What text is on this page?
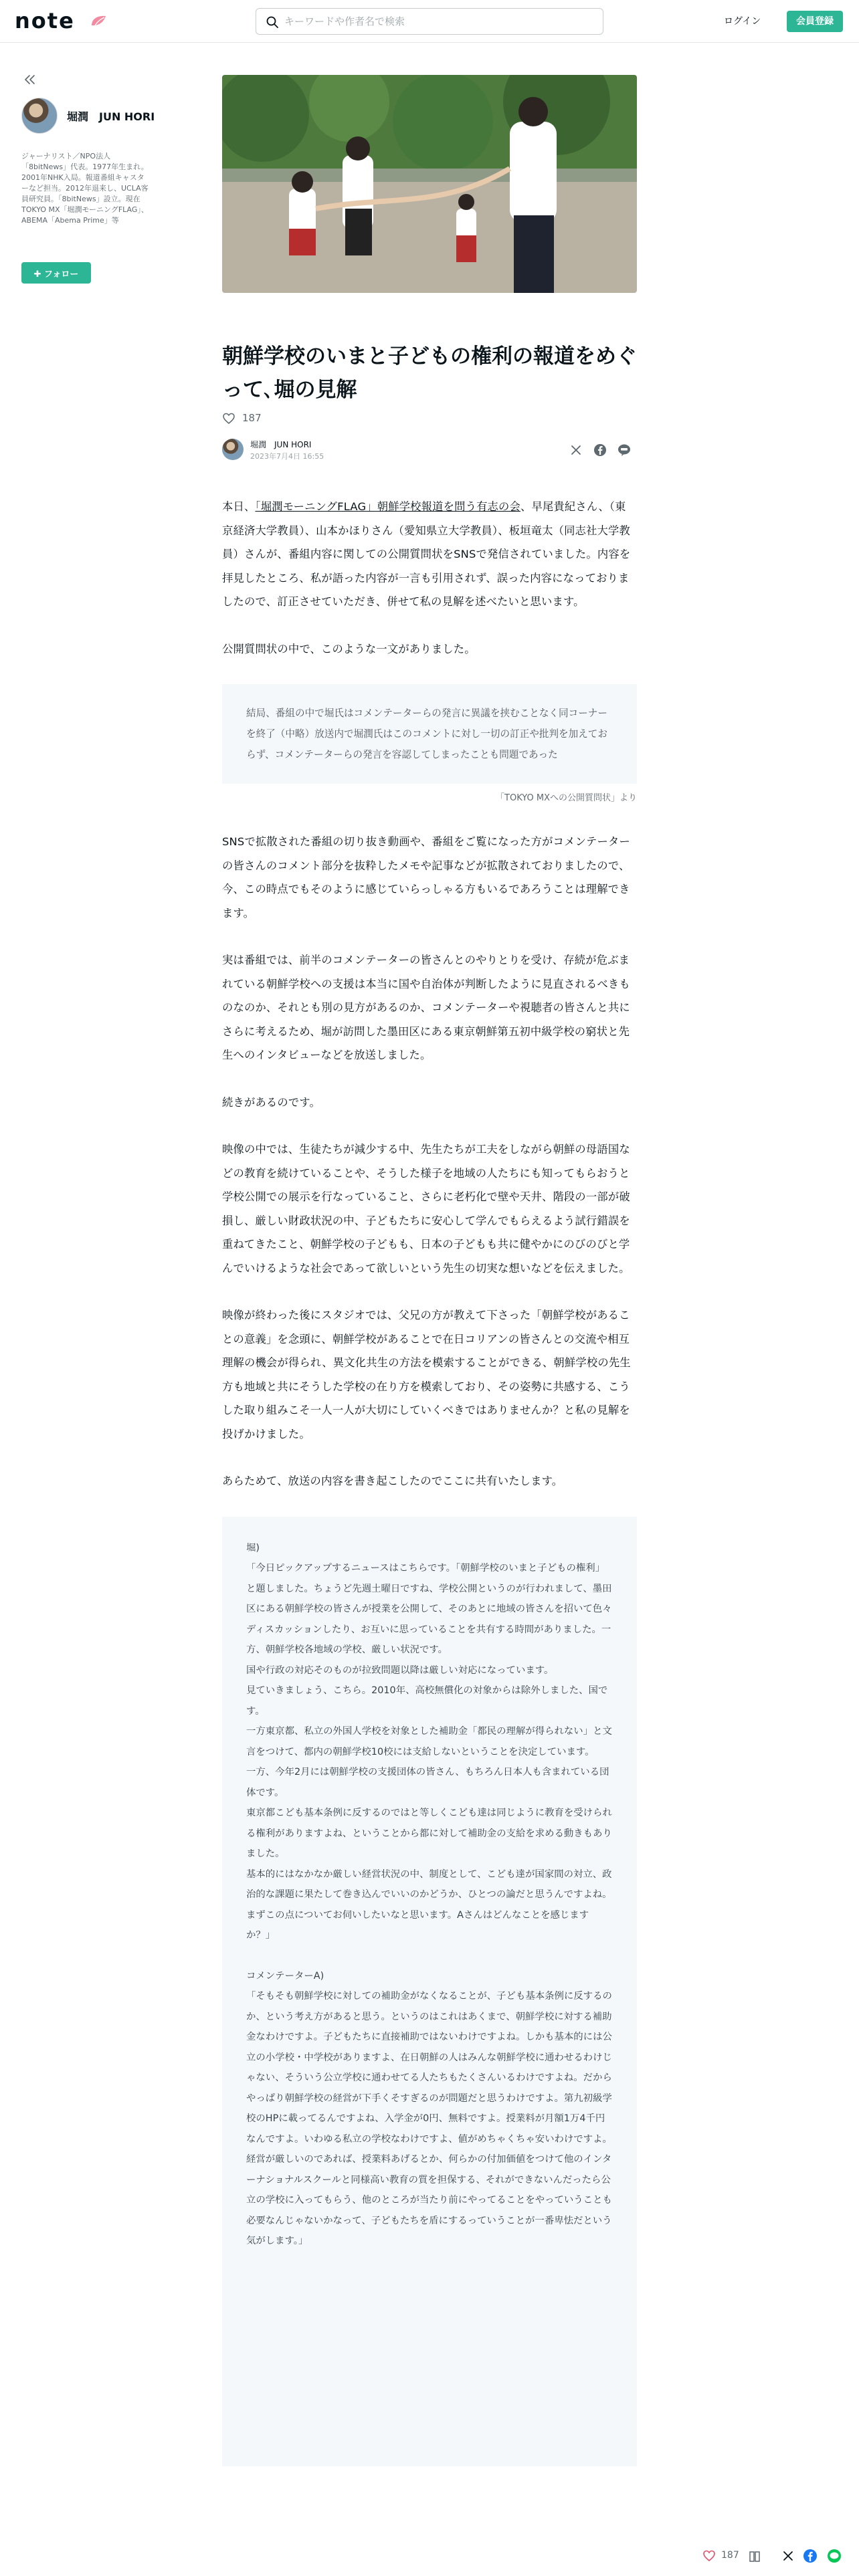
note
キーワードや作者名で検索	ログイン	会員登録
堀潤　JUN HORI

ジャーナリスト／NPO法人「8bitNews」代表。1977年生まれ。2001年NHK入局。報道番組キャスターなど担当。2012年退来し、UCLA客員研究員。「8bitNews」設立。現在TOKYO MX「堀潤モーニングFLAG」、ABEMA「Abema Prime」等

✚ フォロー
朝鮮学校のいまと子どもの権利の報道をめぐって､堀の見解
187
堀潤　JUN HORI
2023年7月4日 16:55

本日、「堀潤モーニングFLAG」朝鮮学校報道を問う有志の会、早尾貴紀さん、（東京経済大学教員）、山本かほりさん（愛知県立大学教員）、板垣竜太（同志社大学教員）さんが、番組内容に関しての公開質問状をSNSで発信されていました。内容を拝見したところ、私が語った内容が一言も引用されず、誤った内容になっておりましたので、訂正させていただき、併せて私の見解を述べたいと思います。

公開質問状の中で、このような一文がありました。

結局、番組の中で堀氏はコメンテーターらの発言に異議を挟むことなく同コーナーを終了（中略）放送内で堀潤氏はこのコメントに対し一切の訂正や批判を加えておらず、コメンテーターらの発言を容認してしまったことも問題であった
「TOKYO MXへの公開質問状」より

SNSで拡散された番組の切り抜き動画や、番組をご覧になった方がコメンテーターの皆さんのコメント部分を抜粋したメモや記事などが拡散されておりましたので、今、この時点でもそのように感じていらっしゃる方もいるであろうことは理解できます。

実は番組では、前半のコメンテーターの皆さんとのやりとりを受け、存続が危ぶまれている朝鮮学校への支援は本当に国や自治体が判断したように見直されるべきものなのか、それとも別の見方があるのか、コメンテーターや視聴者の皆さんと共にさらに考えるため、堀が訪問した墨田区にある東京朝鮮第五初中級学校の窮状と先生へのインタビューなどを放送しました。

続きがあるのです。

映像の中では、生徒たちが減少する中、先生たちが工夫をしながら朝鮮の母語国などの教育を続けていることや、そうした様子を地域の人たちにも知ってもらおうと学校公開での展示を行なっていること、さらに老朽化で壁や天井、階段の一部が破損し、厳しい財政状況の中、子どもたちに安心して学んでもらえるよう試行錯誤を重ねてきたこと、朝鮮学校の子どもも、日本の子どもも共に健やかにのびのびと学んでいけるような社会であって欲しいという先生の切実な想いなどを伝えました。

映像が終わった後にスタジオでは、父兄の方が教えて下さった「朝鮮学校があることの意義」を念頭に、朝鮮学校があることで在日コリアンの皆さんとの交流や相互理解の機会が得られ、異文化共生の方法を模索することができる、朝鮮学校の先生方も地域と共にそうした学校の在り方を模索しており、その姿勢に共感する、こうした取り組みこそ一人一人が大切にしていくべきではありませんか？と私の見解を投げかけました。

あらためて、放送の内容を書き起こしたのでここに共有いたします。

堀)
「今日ピックアップするニュースはこちらです。「朝鮮学校のいまと子どもの権利」と題しました。ちょうど先週土曜日ですね、学校公開というのが行われまして、墨田区にある朝鮮学校の皆さんが授業を公開して、そのあとに地域の皆さんを招いて色々ディスカッションしたり、お互いに思っていることを共有する時間がありました。一方、朝鮮学校各地域の学校、厳しい状況です。
国や行政の対応そのものが拉致問題以降は厳しい対応になっています。
見ていきましょう、こちら。2010年、高校無償化の対象からは除外しました、国です。
一方東京都、私立の外国人学校を対象とした補助金「都民の理解が得られない」と文言をつけて、都内の朝鮮学校10校には支給しないということを決定しています。
一方、今年2月には朝鮮学校の支援団体の皆さん、もちろん日本人も含まれている団体です。
東京都こども基本条例に反するのではと等しくこども達は同じように教育を受けられる権利がありますよね、ということから都に対して補助金の支給を求める動きもありました。
基本的にはなかなか厳しい経営状況の中、制度として、こども達が国家間の対立、政治的な課題に果たして巻き込んでいいのかどうか、ひとつの論だと思うんですよね。まずこの点についてお伺いしたいなと思います。Aさんはどんなことを感じますか？」
コメンテーターA)
「そもそも朝鮮学校に対しての補助金がなくなることが、子ども基本条例に反するのか、という考え方があると思う。というのはこれはあくまで、朝鮮学校に対する補助金なわけですよ。子どもたちに直接補助ではないわけですよね。しかも基本的には公立の小学校・中学校がありますよ、在日朝鮮の人はみんな朝鮮学校に通わせるわけじゃない、そういう公立学校に通わせてる人たちもたくさんいるわけですよね。だからやっぱり朝鮮学校の経営が下手くそすぎるのが問題だと思うわけですよ。第九初級学校のHPに載ってるんですよね、入学金が0円、無料ですよ。授業料が月額1万4千円なんですよ。いわゆる私立の学校なわけですよ、値がめちゃくちゃ安いわけですよ。経営が厳しいのであれば、授業料あげるとか、何らかの付加価値をつけて他のインターナショナルスクールと同様高い教育の質を担保する、それができないんだったら公立の学校に入ってもらう、他のところが当たり前にやってることをやっていうことも必要なんじゃないかなって、子どもたちを盾にするっていうことが一番卑怯だという気がします。」
187
